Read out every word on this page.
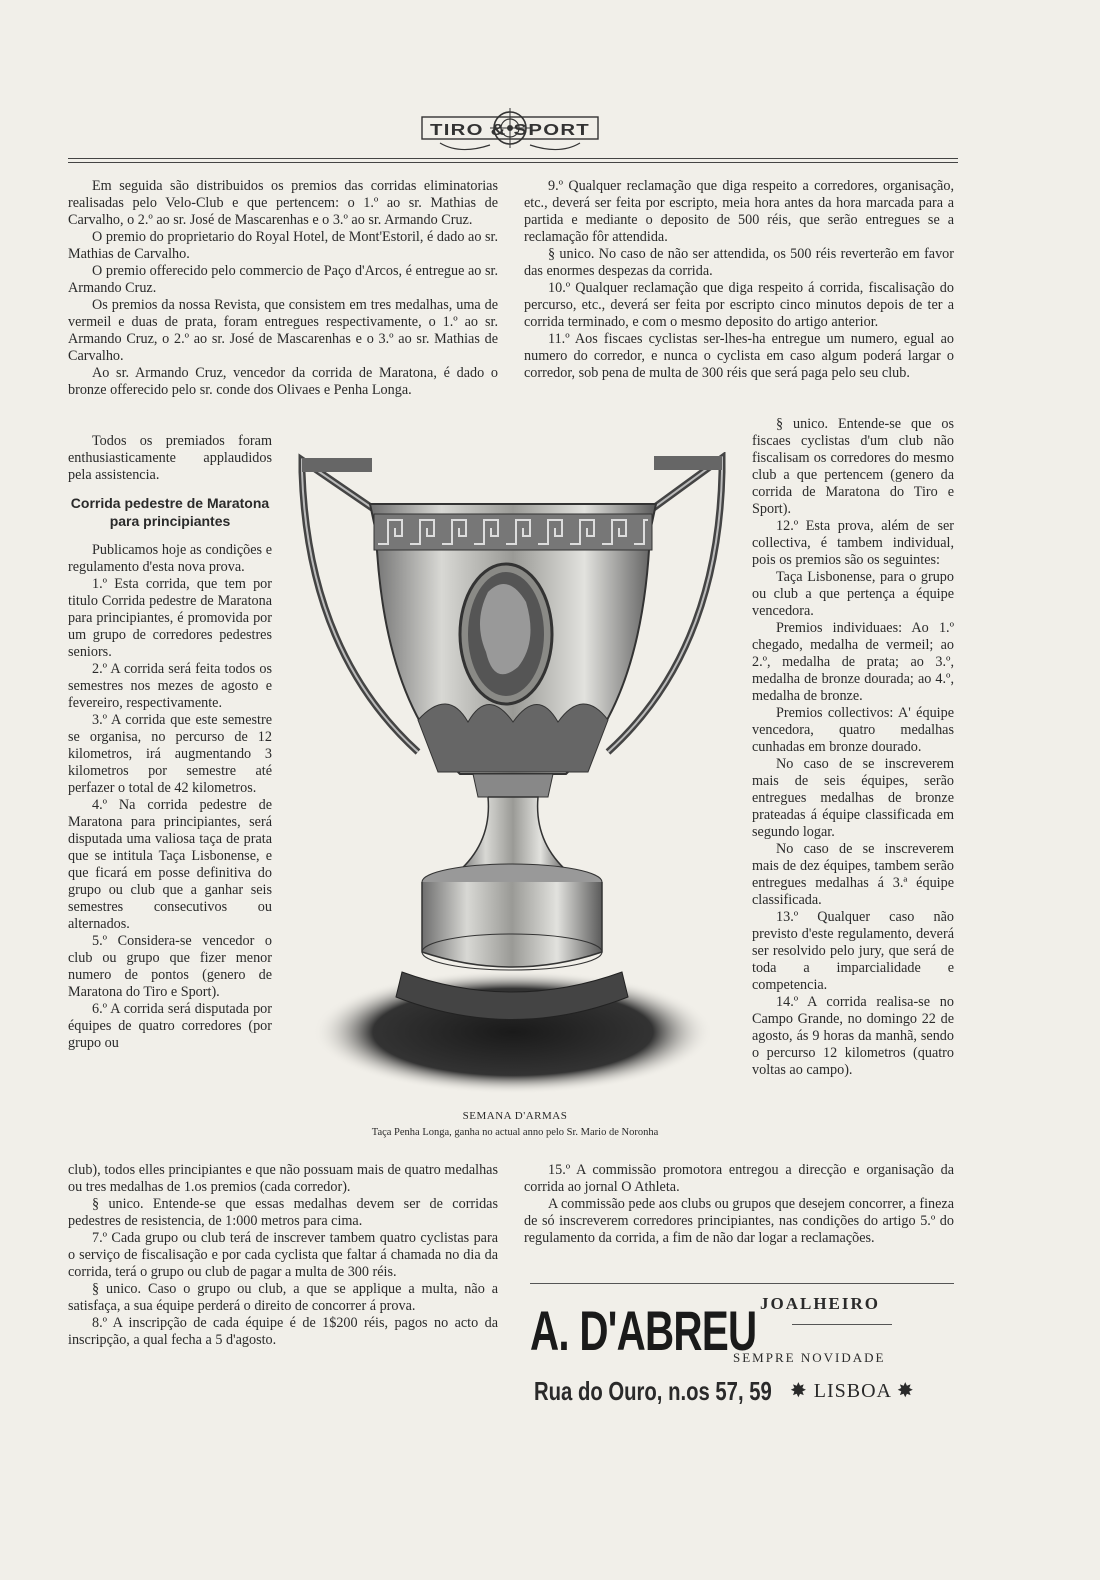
TIRO & SPORT

Em seguida são distribuidos os premios das corridas eliminatorias realisadas pelo Velo-Club e que pertencem: o 1.º ao sr. Mathias de Carvalho, o 2.º ao sr. José de Mascarenhas e o 3.º ao sr. Armando Cruz.

O premio do proprietario do Royal Hotel, de Mont'Estoril, é dado ao sr. Mathias de Carvalho.

O premio offerecido pelo commercio de Paço d'Arcos, é entregue ao sr. Armando Cruz.

Os premios da nossa Revista, que consistem em tres medalhas, uma de vermeil e duas de prata, foram entregues respectivamente, o 1.º ao sr. Armando Cruz, o 2.º ao sr. José de Mascarenhas e o 3.º ao sr. Mathias de Carvalho.

Ao sr. Armando Cruz, vencedor da corrida de Maratona, é dado o bronze offerecido pelo sr. conde dos Olivaes e Penha Longa.

Todos os premiados foram enthusiasticamente applaudidos pela assistencia.

Corrida pedestre de Maratona para principiantes

Publicamos hoje as condições e regulamento d'esta nova prova.

1.º Esta corrida, que tem por titulo Corrida pedestre de Maratona para principiantes, é promovida por um grupo de corredores pedestres seniors.

2.º A corrida será feita todos os semestres nos mezes de agosto e fevereiro, respectivamente.

3.º A corrida que este semestre se organisa, no percurso de 12 kilometros, irá augmentando 3 kilometros por semestre até perfazer o total de 42 kilometros.

4.º Na corrida pedestre de Maratona para principiantes, será disputada uma valiosa taça de prata que se intitula Taça Lisbonense, e que ficará em posse definitiva do grupo ou club que a ganhar seis semestres consecutivos ou alternados.

5.º Considera-se vencedor o club ou grupo que fizer menor numero de pontos (genero de Maratona do Tiro e Sport).

6.º A corrida será disputada por équipes de quatro corredores (por grupo ou

club), todos elles principiantes e que não possuam mais de quatro medalhas ou tres medalhas de 1.os premios (cada corredor).

§ unico. Entende-se que essas medalhas devem ser de corridas pedestres de resistencia, de 1:000 metros para cima.

7.º Cada grupo ou club terá de inscrever tambem quatro cyclistas para o serviço de fiscalisação e por cada cyclista que faltar á chamada no dia da corrida, terá o grupo ou club de pagar a multa de 300 réis.

§ unico. Caso o grupo ou club, a que se applique a multa, não a satisfaça, a sua équipe perderá o direito de concorrer á prova.

8.º A inscripção de cada équipe é de 1$200 réis, pagos no acto da inscripção, a qual fecha a 5 d'agosto.

9.º Qualquer reclamação que diga respeito a corredores, organisação, etc., deverá ser feita por escripto, meia hora antes da hora marcada para a partida e mediante o deposito de 500 réis, que serão entregues se a reclamação fôr attendida.

§ unico. No caso de não ser attendida, os 500 réis reverterão em favor das enormes despezas da corrida.

10.º Qualquer reclamação que diga respeito á corrida, fiscalisação do percurso, etc., deverá ser feita por escripto cinco minutos depois de ter a corrida terminado, e com o mesmo deposito do artigo anterior.

11.º Aos fiscaes cyclistas ser-lhes-ha entregue um numero, egual ao numero do corredor, e nunca o cyclista em caso algum poderá largar o corredor, sob pena de multa de 300 réis que será paga pelo seu club.

§ unico. Entende-se que os fiscaes cyclistas d'um club não fiscalisam os corredores do mesmo club a que pertencem (genero da corrida de Maratona do Tiro e Sport).

12.º Esta prova, além de ser collectiva, é tambem individual, pois os premios são os seguintes:

Taça Lisbonense, para o grupo ou club a que pertença a équipe vencedora.

Premios individuaes: Ao 1.º chegado, medalha de vermeil; ao 2.º, medalha de prata; ao 3.º, medalha de bronze dourada; ao 4.º, medalha de bronze.

Premios collectivos: A' équipe vencedora, quatro medalhas cunhadas em bronze dourado.

No caso de se inscreverem mais de seis équipes, serão entregues medalhas de bronze prateadas á équipe classificada em segundo logar.

No caso de se inscreverem mais de dez équipes, tambem serão entregues medalhas á 3.ª équipe classificada.

13.º Qualquer caso não previsto d'este regulamento, deverá ser resolvido pelo jury, que será de toda a imparcialidade e competencia.

14.º A corrida realisa-se no Campo Grande, no domingo 22 de agosto, ás 9 horas da manhã, sendo o percurso 12 kilometros (quatro voltas ao campo).

15.º A commissão promotora entregou a direcção e organisação da corrida ao jornal O Athleta.

A commissão pede aos clubs ou grupos que desejem concorrer, a fineza de só inscreverem corredores principiantes, nas condições do artigo 5.º do regulamento da corrida, a fim de não dar logar a reclamações.

SEMANA D'ARMAS
Taça Penha Longa, ganha no actual anno pelo Sr. Mario de Noronha
A. D'ABREU JOALHEIRO
SEMPRE NOVIDADE
Rua do Ouro, n.os 57, 59 ✸ LISBOA ✸
